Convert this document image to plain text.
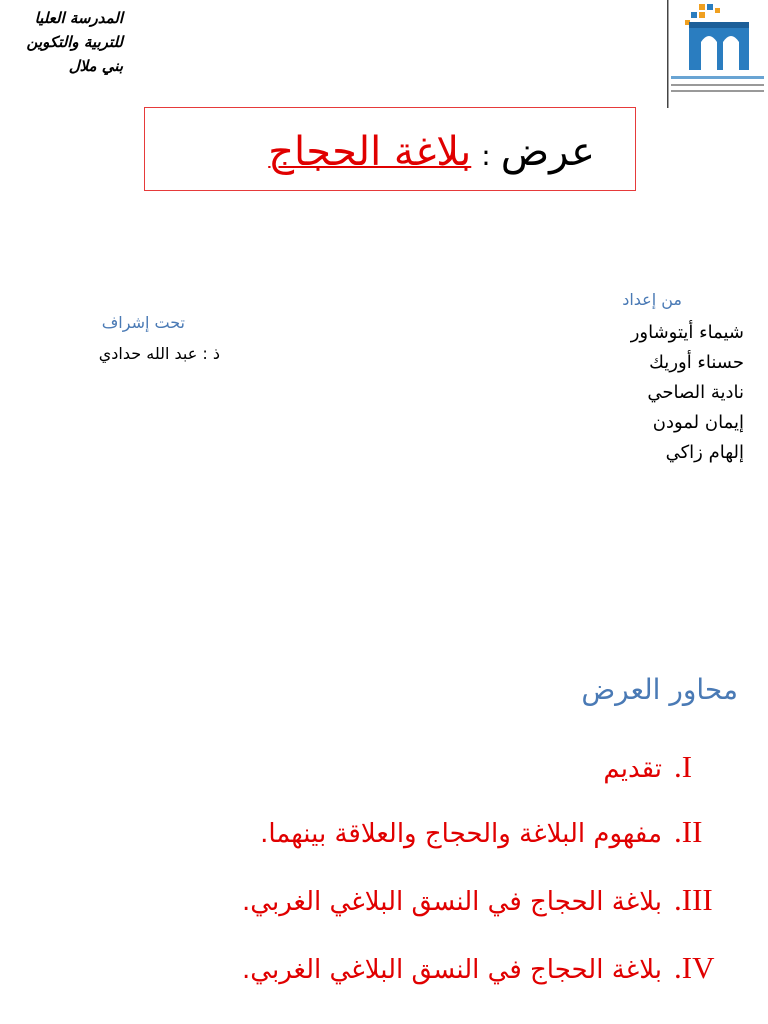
المدرسة العليا
للتربية والتكوين
بني ملال
عرض:بلاغة الحجاج
من إعداد
شيماء أيتوشاور
حسناء أوريك
نادية الصاحي
إيمان لمودن
إلهام زاكي
تحت إشراف
ذ : عبد الله حدادي
محاور العرض
I.تقديم
II.مفهوم البلاغة والحجاج والعلاقة بينهما.
III.بلاغة الحجاج في النسق البلاغي الغربي.
IV.بلاغة الحجاج في النسق البلاغي الغربي.
